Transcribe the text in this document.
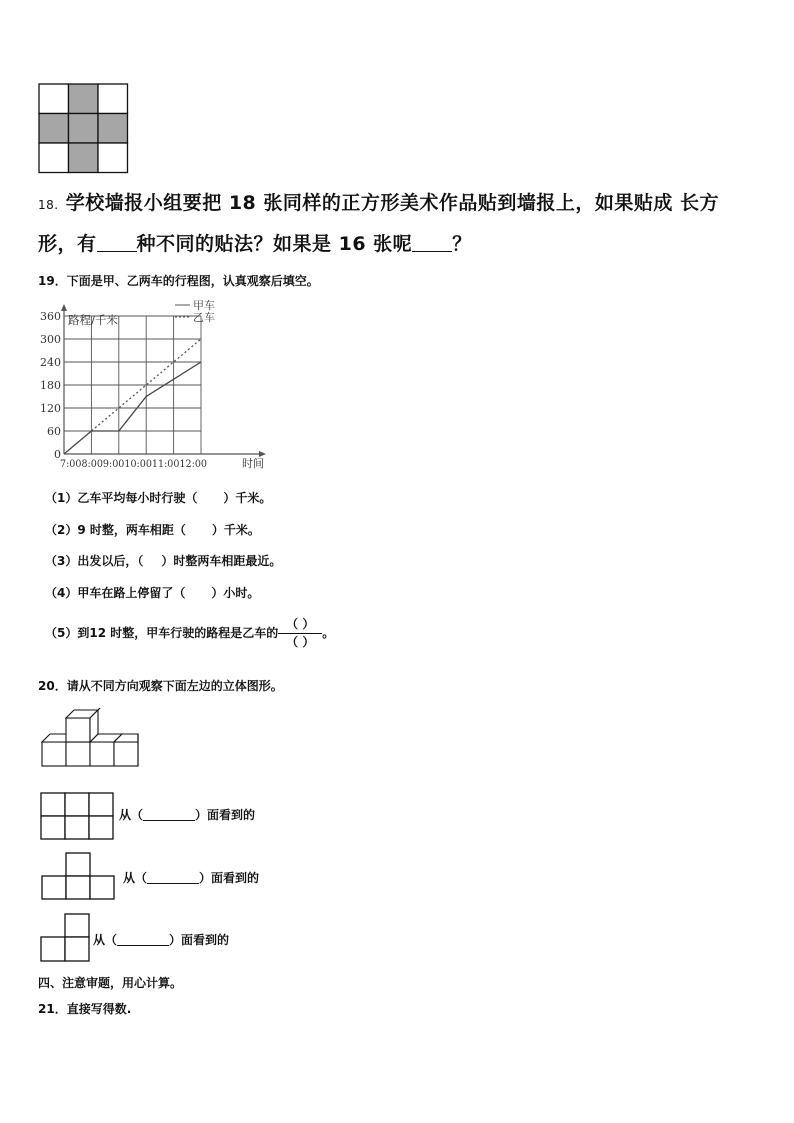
18. 学校墙报小组要把 18 张同样的正方形美术作品贴到墙报上，如果贴成 长方
形，有 种不同的贴法？如果是 16 张呢 ？
19．下面是甲、乙两车的行程图，认真观察后填空。
0
60
120
180
240
300
360
7:008:009:0010:0011:0012:00
路程/千米
时间
甲车
乙车
（1）乙车平均每小时行驶（ ）千米。
（2）9 时整，两车相距（ ）千米。
（3）出发以后，（ ）时整两车相距最近。
（4）甲车在路上停留了（ ）小时。
（5）到12 时整，甲车行驶的路程是乙车的 $\frac{( )}{( )}$ 。
20．请从不同方向观察下面左边的立体图形。
从（	）面看到的
从（	）面看到的
从（	）面看到的
四、注意审题，用心计算。
21．直接写得数.
